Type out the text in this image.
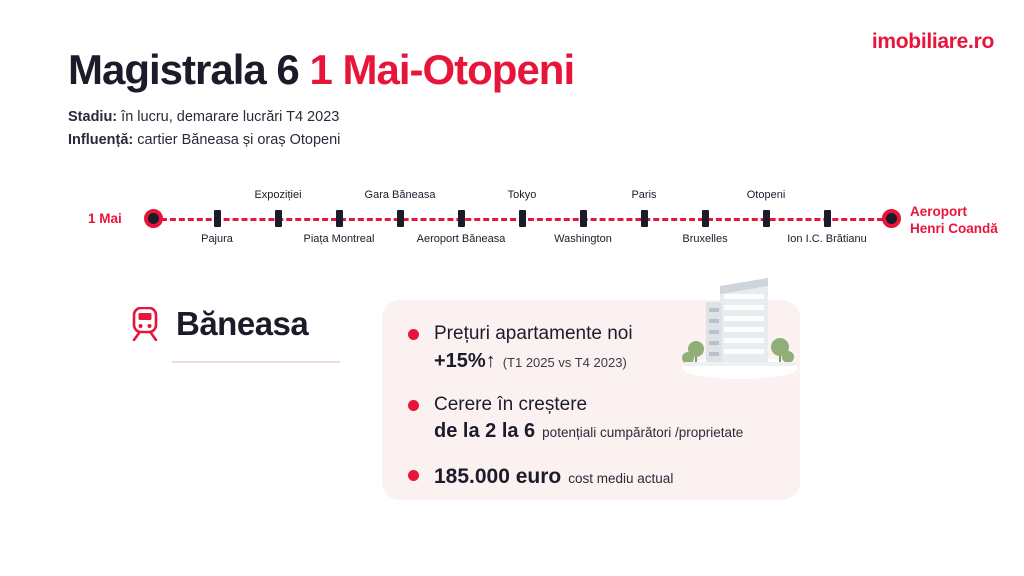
imobiliare.ro
Magistrala 6 1 Mai-Otopeni
Stadiu: în lucru, demarare lucrări T4 2023
Influență: cartier Băneasa și oraș Otopeni
1 Mai	Aeroport
Henri Coandă
Expoziției	Gara Băneasa	Tokyo	Paris	Otopeni
Pajura	Piața Montreal	Aeroport Băneasa	Washington	Bruxelles	Ion I.C. Brătianu
Băneasa	Prețuri apartamente noi
+15%↑ (T1 2025 vs T4 2023)
Cerere în creștere
de la 2 la 6 potențiali cumpărători /proprietate
185.000 euro cost mediu actual
